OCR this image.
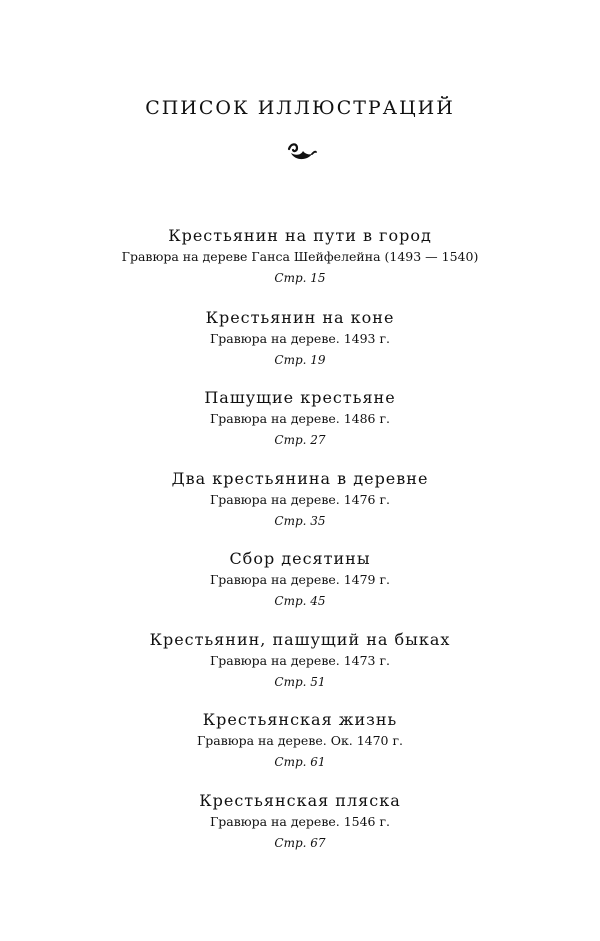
СПИСОК ИЛЛЮСТРАЦИЙ
Крестьянин на пути в город
Гравюра на дереве Ганса Шейфелейна (1493 — 1540)
Стр. 15
Крестьянин на коне
Гравюра на дереве. 1493 г.
Стр. 19
Пашущие крестьяне
Гравюра на дереве. 1486 г.
Стр. 27
Два крестьянина в деревне
Гравюра на дереве. 1476 г.
Стр. 35
Сбор десятины
Гравюра на дереве. 1479 г.
Стр. 45
Крестьянин, пашущий на быках
Гравюра на дереве. 1473 г.
Стр. 51
Крестьянская жизнь
Гравюра на дереве. Ок. 1470 г.
Стр. 61
Крестьянская пляска
Гравюра на дереве. 1546 г.
Стр. 67
